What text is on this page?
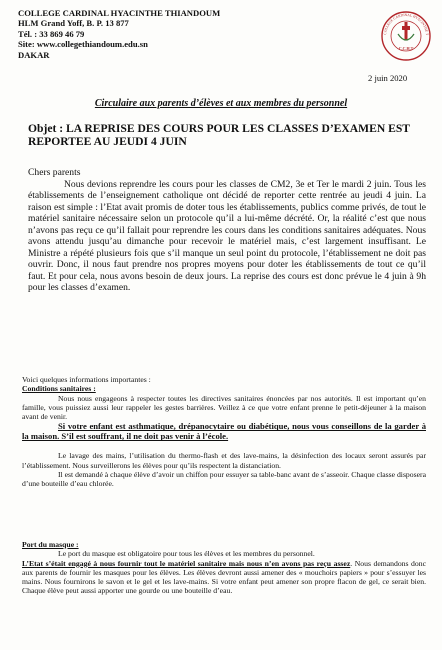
COLLEGE CARDINAL HYACINTHE THIANDOUM
HLM Grand Yoff, B. P. 13 877
Tél. : 33 869 46 79
Site: www.collegethiandoum.edu.sn
DAKAR
COLLEGE CARDINAL HYACINTHE T
C.C.H.T
2 juin 2020
Circulaire aux parents d’élèves et aux membres du personnel
Objet : LA REPRISE DES COURS POUR LES CLASSES D’EXAMEN EST REPORTEE AU JEUDI 4 JUIN

Chers parents

Nous devions reprendre les cours pour les classes de CM2, 3e et Ter le mardi 2 juin. Tous les établissements de l’enseignement catholique ont décidé de reporter cette rentrée au jeudi 4 juin. La raison est simple : l’Etat avait promis de doter tous les établissements, publics comme privés, de tout le matériel sanitaire nécessaire selon un protocole qu’il a lui-même décrété. Or, la réalité c’est que nous n’avons pas reçu ce qu’il fallait pour reprendre les cours dans les conditions sanitaires adéquates. Nous avons attendu jusqu’au dimanche pour recevoir le matériel mais, c’est largement insuffisant. Le Ministre a répété plusieurs fois que s’il manque un seul point du protocole, l’établissement ne doit pas ouvrir. Donc, il nous faut prendre nos propres moyens pour doter les établissements de tout ce qu’il faut. Et pour cela, nous avons besoin de deux jours. La reprise des cours est donc prévue le 4 juin à 9h pour les classes d’examen.

Voici quelques informations importantes :

Conditions sanitaires :

Nous nous engageons à respecter toutes les directives sanitaires énoncées par nos autorités. Il est important qu’en famille, vous puissiez aussi leur rappeler les gestes barrières. Veillez à ce que votre enfant prenne le petit-déjeuner à la maison avant de venir.

Si votre enfant est asthmatique, drépanocytaire ou diabétique, nous vous conseillons de la garder à la maison. S’il est souffrant, il ne doit pas venir à l’école.

Le lavage des mains, l’utilisation du thermo-flash et des lave-mains, la désinfection des locaux seront assurés par l’établissement. Nous surveillerons les élèves pour qu’ils respectent la distanciation.

Il est demandé à chaque élève d’avoir un chiffon pour essuyer sa table-banc avant de s’asseoir. Chaque classe disposera d’une bouteille d’eau chlorée.

Port du masque :

Le port du masque est obligatoire pour tous les élèves et les membres du personnel.

L’Etat s’était engagé à nous fournir tout le matériel sanitaire mais nous n’en avons pas reçu assez. Nous demandons donc aux parents de fournir les masques pour les élèves. Les élèves devront aussi amener des « mouchoirs papiers » pour s’essuyer les mains. Nous fournirons le savon et le gel et les lave-mains. Si votre enfant peut amener son propre flacon de gel, ce serait bien. Chaque élève peut aussi apporter une gourde ou une bouteille d’eau.
